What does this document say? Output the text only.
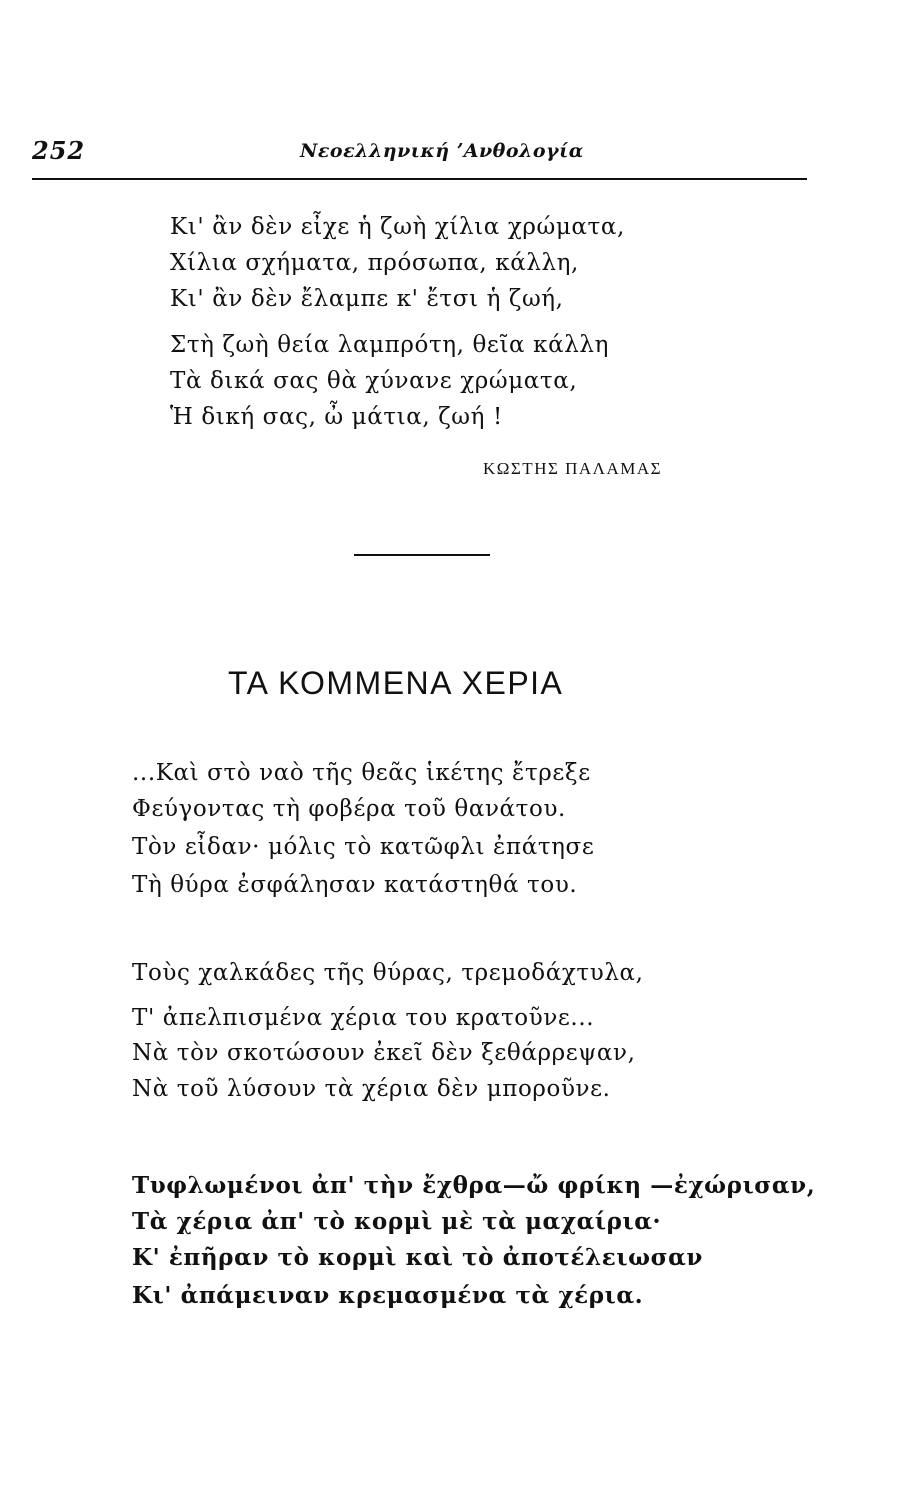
252	Νεοελληνική ʼΑνθολογία
Κι' ἂν δὲν εἶχε ἡ ζωὴ χίλια χρώματα,
Χίλια σχήματα, πρόσωπα, κάλλη,
Κι' ἂν δὲν ἔλαμπε κ' ἔτσι ἡ ζωή,
Στὴ ζωὴ θεία λαμπρότη, θεῖα κάλλη
Τὰ δικά σας θὰ χύνανε χρώματα,
Ἡ δική σας, ὦ μάτια, ζωή !
ΚΩΣΤΗΣ ΠΑΛΑΜΑΣ
ΤΑ ΚΟΜΜΕΝΑ ΧΕΡΙΑ
...Καὶ στὸ ναὸ τῆς θεᾶς ἱκέτης ἔτρεξε
Φεύγοντας τὴ φοβέρα τοῦ θανάτου.
Τὸν εἶδαν· μόλις τὸ κατῶφλι ἐπάτησε
Τὴ θύρα ἐσφάλησαν κατάστηθά του.
Τοὺς χαλκάδες τῆς θύρας, τρεμοδάχτυλα,
Τ' ἀπελπισμένα χέρια του κρατοῦνε...
Νὰ τὸν σκοτώσουν ἐκεῖ δὲν ξεθάρρεψαν,
Νὰ τοῦ λύσουν τὰ χέρια δὲν μποροῦνε.
Τυφλωμένοι ἀπ' τὴν ἔχθρα—ὤ φρίκη —ἐχώρισαν,
Τὰ χέρια ἀπ' τὸ κορμὶ μὲ τὰ μαχαίρια·
Κ' ἐπῆραν τὸ κορμὶ καὶ τὸ ἀποτέλειωσαν
Κι' ἀπάμειναν κρεμασμένα τὰ χέρια.
